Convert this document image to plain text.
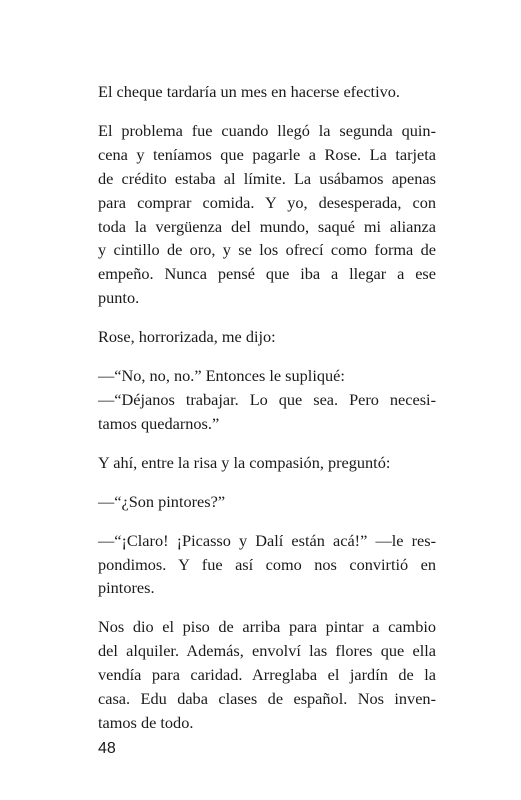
El cheque tardaría un mes en hacerse efectivo.

El problema fue cuando llegó la segunda quin-
cena y teníamos que pagarle a Rose. La tarjeta
de crédito estaba al límite. La usábamos apenas
para comprar comida. Y yo, desesperada, con
toda la vergüenza del mundo, saqué mi alianza
y cintillo de oro, y se los ofrecí como forma de
empeño. Nunca pensé que iba a llegar a ese
punto.

Rose, horrorizada, me dijo:

—“No, no, no.” Entonces le supliqué:
—“Déjanos trabajar. Lo que sea. Pero necesi-
tamos quedarnos.”

Y ahí, entre la risa y la compasión, preguntó:

—“¿Son pintores?”

—“¡Claro! ¡Picasso y Dalí están acá!” —le res-
pondimos. Y fue así como nos convirtió en
pintores.

Nos dio el piso de arriba para pintar a cambio
del alquiler. Además, envolví las flores que ella
vendía para caridad. Arreglaba el jardín de la
casa. Edu daba clases de español. Nos inven-
tamos de todo.

48
